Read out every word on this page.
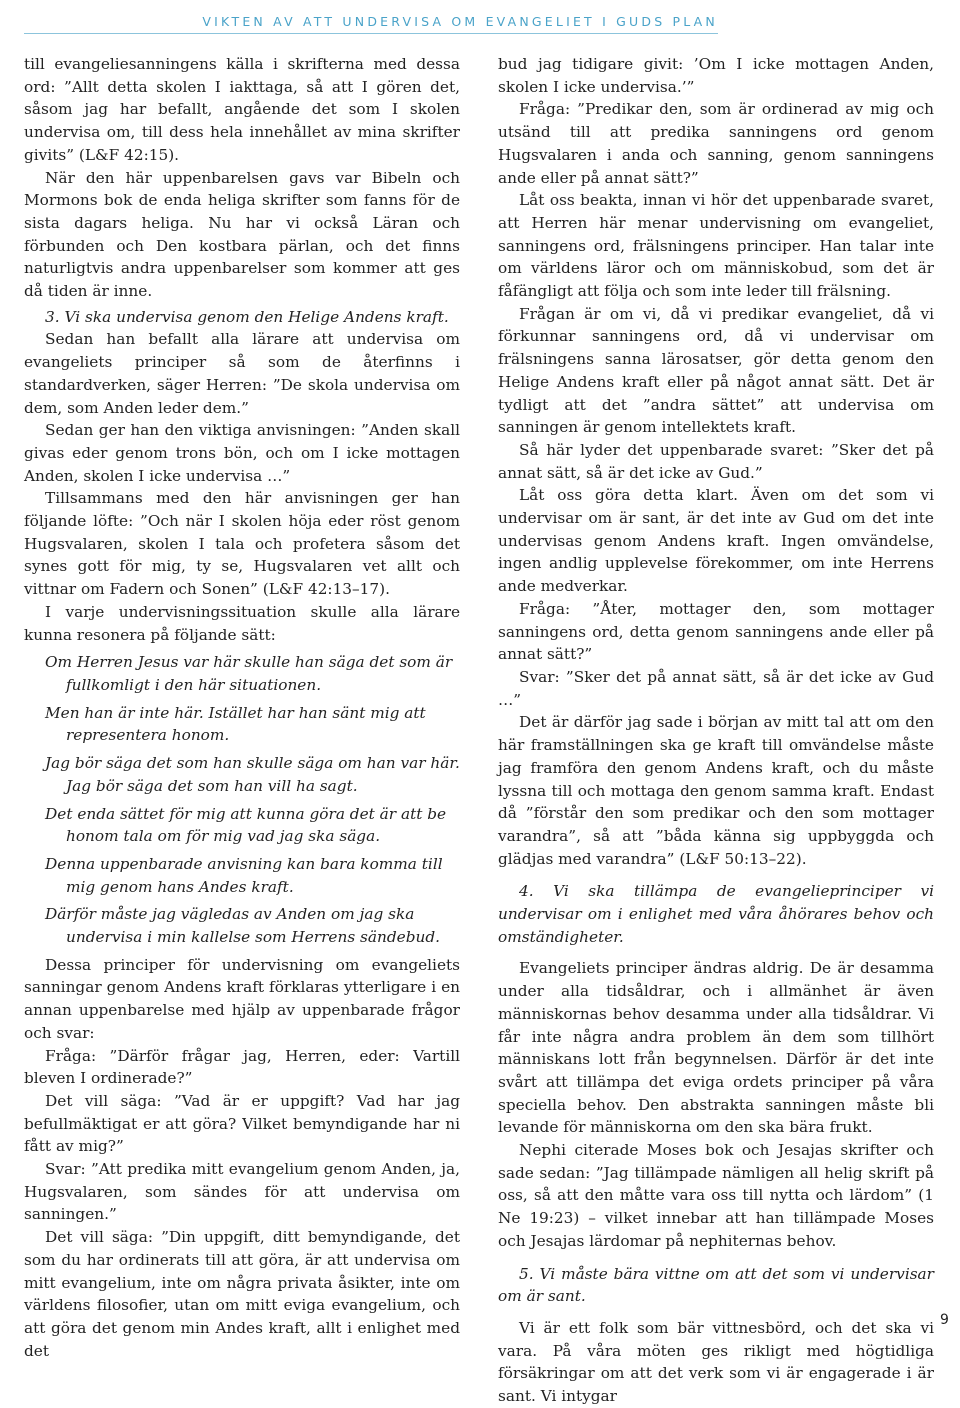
VIKTEN AV ATT UNDERVISA OM EVANGELIET I GUDS PLAN

till evangeliesanningens källa i skrifterna med dessa ord: ”Allt detta skolen I iakttaga, så att I gören det, såsom jag har befallt, angående det som I skolen undervisa om, till dess hela innehållet av mina skrifter givits” (L&F 42:15).

När den här uppenbarelsen gavs var Bibeln och Mormons bok de enda heliga skrifter som fanns för de sista dagars heliga. Nu har vi också Läran och förbunden och Den kostbara pärlan, och det finns naturligtvis andra uppenbarelser som kommer att ges då tiden är inne.

3. Vi ska undervisa genom den Helige Andens kraft.

Sedan han befallt alla lärare att undervisa om evangeliets principer så som de återfinns i standardverken, säger Herren: ”De skola undervisa om dem, som Anden leder dem.”

Sedan ger han den viktiga anvisningen: ”Anden skall givas eder genom trons bön, och om I icke mottagen Anden, skolen I icke undervisa …”

Tillsammans med den här anvisningen ger han följande löfte: ”Och när I skolen höja eder röst genom Hugsvalaren, skolen I tala och profetera såsom det synes gott för mig, ty se, Hugsvalaren vet allt och vittnar om Fadern och Sonen” (L&F 42:13–17).

I varje undervisningssituation skulle alla lärare kunna resonera på följande sätt:

Om Herren Jesus var här skulle han säga det som är fullkomligt i den här situationen.

Men han är inte här. Istället har han sänt mig att representera honom.

Jag bör säga det som han skulle säga om han var här. Jag bör säga det som han vill ha sagt.

Det enda sättet för mig att kunna göra det är att be honom tala om för mig vad jag ska säga.

Denna uppenbarade anvisning kan bara komma till mig genom hans Andes kraft.

Därför måste jag vägledas av Anden om jag ska undervisa i min kallelse som Herrens sändebud.

Dessa principer för undervisning om evangeliets sanningar genom Andens kraft förklaras ytterligare i en annan uppenbarelse med hjälp av uppenbarade frågor och svar:

Fråga: ”Därför frågar jag, Herren, eder: Vartill bleven I ordinerade?”

Det vill säga: ”Vad är er uppgift? Vad har jag befullmäktigat er att göra? Vilket bemyndigande har ni fått av mig?”

Svar: ”Att predika mitt evangelium genom Anden, ja, Hugsvalaren, som sändes för att undervisa om sanningen.”

Det vill säga: ”Din uppgift, ditt bemyndigande, det som du har ordinerats till att göra, är att undervisa om mitt evangelium, inte om några privata åsikter, inte om världens filosofier, utan om mitt eviga evangelium, och att göra det genom min Andes kraft, allt i enlighet med det

bud jag tidigare givit: ’Om I icke mottagen Anden, skolen I icke undervisa.’”

Fråga: ”Predikar den, som är ordinerad av mig och utsänd till att predika sanningens ord genom Hugsvalaren i anda och sanning, genom sanningens ande eller på annat sätt?”

Låt oss beakta, innan vi hör det uppenbarade svaret, att Herren här menar undervisning om evangeliet, sanningens ord, frälsningens principer. Han talar inte om världens läror och om människobud, som det är fåfängligt att följa och som inte leder till frälsning.

Frågan är om vi, då vi predikar evangeliet, då vi förkunnar sanningens ord, då vi undervisar om frälsningens sanna lärosatser, gör detta genom den Helige Andens kraft eller på något annat sätt. Det är tydligt att det ”andra sättet” att undervisa om sanningen är genom intellektets kraft.

Så här lyder det uppenbarade svaret: ”Sker det på annat sätt, så är det icke av Gud.”

Låt oss göra detta klart. Även om det som vi undervisar om är sant, är det inte av Gud om det inte undervisas genom Andens kraft. Ingen omvändelse, ingen andlig upplevelse förekommer, om inte Herrens ande medverkar.

Fråga: ”Åter, mottager den, som mottager sanningens ord, detta genom sanningens ande eller på annat sätt?”

Svar: ”Sker det på annat sätt, så är det icke av Gud …”

Det är därför jag sade i början av mitt tal att om den här framställningen ska ge kraft till omvändelse måste jag framföra den genom Andens kraft, och du måste lyssna till och mottaga den genom samma kraft. Endast då ”förstår den som predikar och den som mottager varandra”, så att ”båda känna sig uppbyggda och glädjas med varandra” (L&F 50:13–22).

4. Vi ska tillämpa de evangelieprinciper vi undervisar om i enlighet med våra åhörares behov och omständigheter.

Evangeliets principer ändras aldrig. De är desamma under alla tidsåldrar, och i allmänhet är även människornas behov desamma under alla tidsåldrar. Vi får inte några andra problem än dem som tillhört människans lott från begynnelsen. Därför är det inte svårt att tillämpa det eviga ordets principer på våra speciella behov. Den abstrakta sanningen måste bli levande för människorna om den ska bära frukt.

Nephi citerade Moses bok och Jesajas skrifter och sade sedan: ”Jag tillämpade nämligen all helig skrift på oss, så att den måtte vara oss till nytta och lärdom” (1 Ne 19:23) – vilket innebar att han tillämpade Moses och Jesajas lärdomar på nephiternas behov.

5. Vi måste bära vittne om att det som vi undervisar om är sant.

Vi är ett folk som bär vittnesbörd, och det ska vi vara. På våra möten ges rikligt med högtidliga försäkringar om att det verk som vi är engagerade i är sant. Vi intygar

9
